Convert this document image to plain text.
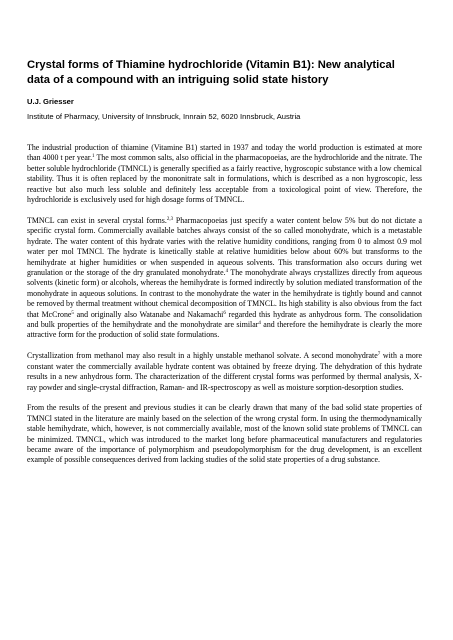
Crystal forms of Thiamine hydrochloride (Vitamin B1): New analytical data of a compound with an intriguing solid state history

U.J. Griesser

Institute of Pharmacy, University of Innsbruck, Innrain 52, 6020 Innsbruck, Austria

The industrial production of thiamine (Vitamine B1) started in 1937 and today the world production is estimated at more than 4000 t per year.$^1$ The most common salts, also official in the pharmacopoeias, are the hydrochloride and the nitrate. The better soluble hydrochloride (TMNCL) is generally specified as a fairly reactive, hygroscopic substance with a low chemical stability. Thus it is often replaced by the mononitrate salt in formulations, which is described as a non hygroscopic, less reactive but also much less soluble and definitely less acceptable from a toxicological point of view. Therefore, the hydrochloride is exclusively used for high dosage forms of TMNCL.

TMNCL can exist in several crystal forms.$^{2,3}$ Pharmacopoeias just specify a water content below 5% but do not dictate a specific crystal form. Commercially available batches always consist of the so called monohydrate, which is a metastable hydrate. The water content of this hydrate varies with the relative humidity conditions, ranging from 0 to almost 0.9 mol water per mol TMNCl. The hydrate is kinetically stable at relative humidities below about 60% but transforms to the hemihydrate at higher humidities or when suspended in aqueous solvents. This transformation also occurs during wet granulation or the storage of the dry granulated monohydrate.$^4$ The monohydrate always crystallizes directly from aqueous solvents (kinetic form) or alcohols, whereas the hemihydrate is formed indirectly by solution mediated transformation of the monohydrate in aqueous solutions. In contrast to the monohydrate the water in the hemihydrate is tightly bound and cannot be removed by thermal treatment without chemical decomposition of TMNCL. Its high stability is also obvious from the fact that McCrone$^5$ and originally also Watanabe and Nakamachi$^6$ regarded this hydrate as anhydrous form. The consolidation and bulk properties of the hemihydrate and the monohydrate are similar$^4$ and therefore the hemihydrate is clearly the more attractive form for the production of solid state formulations.

Crystallization from methanol may also result in a highly unstable methanol solvate. A second monohydrate$^7$ with a more constant water the commercially available hydrate content was obtained by freeze drying. The dehydration of this hydrate results in a new anhydrous form. The characterization of the different crystal forms was performed by thermal analysis, X-ray powder and single-crystal diffraction, Raman- and IR-spectroscopy as well as moisture sorption-desorption studies.

From the results of the present and previous studies it can be clearly drawn that many of the bad solid state properties of TMNCl stated in the literature are mainly based on the selection of the wrong crystal form. In using the thermodynamically stable hemihydrate, which, however, is not commercially available, most of the known solid state problems of TMNCL can be minimized. TMNCL, which was introduced to the market long before pharmaceutical manufacturers and regulatories became aware of the importance of polymorphism and pseudopolymorphism for the drug development, is an excellent example of possible consequences derived from lacking studies of the solid state properties of a drug substance.
